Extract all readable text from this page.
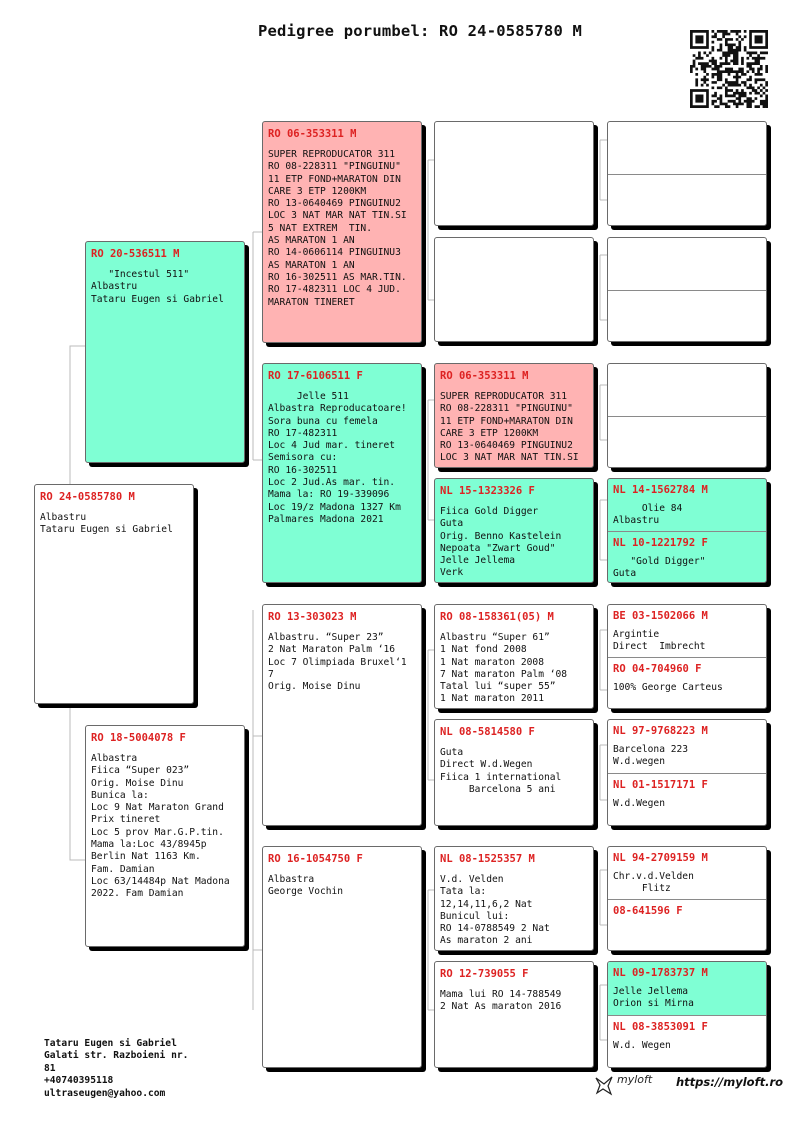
Pedigree porumbel: RO 24-0585780 M
RO 24-0585780 M
Albastru
Tataru Eugen si Gabriel
RO 20-536511 M
"Incestul 511"
Albastru
Tataru Eugen si Gabriel
RO 18-5004078 F
Albastra
Fiica “Super 023”
Orig. Moise Dinu
Bunica la:
Loc 9 Nat Maraton Grand
Prix tineret
Loc 5 prov Mar.G.P.tin.
Mama la:Loc 43/8945p
Berlin Nat 1163 Km.
Fam. Damian
Loc 63/14484p Nat Madona
2022. Fam Damian
RO 06-353311 M
SUPER REPRODUCATOR 311
RO 08-228311 "PINGUINU"
11 ETP FOND+MARATON DIN
CARE 3 ETP 1200KM
RO 13-0640469 PINGUINU2
LOC 3 NAT MAR NAT TIN.SI
5 NAT EXTREM  TIN.
AS MARATON 1 AN
RO 14-0606114 PINGUINU3
AS MARATON 1 AN
RO 16-302511 AS MAR.TIN.
RO 17-482311 LOC 4 JUD.
MARATON TINERET
RO 17-6106511 F
Jelle 511
Albastra Reproducatoare!
Sora buna cu femela
RO 17-482311
Loc 4 Jud mar. tineret
Semisora cu:
RO 16-302511
Loc 2 Jud.As mar. tin.
Mama la: RO 19-339096
Loc 19/z Madona 1327 Km
Palmares Madona 2021
RO 13-303023 M
Albastru. “Super 23”
2 Nat Maraton Palm ‘16
Loc 7 Olimpiada Bruxel‘1
7
Orig. Moise Dinu
RO 16-1054750 F
Albastra
George Vochin
RO 06-353311 M
SUPER REPRODUCATOR 311
RO 08-228311 "PINGUINU"
11 ETP FOND+MARATON DIN
CARE 3 ETP 1200KM
RO 13-0640469 PINGUINU2
LOC 3 NAT MAR NAT TIN.SI
NL 15-1323326 F
Fiica Gold Digger
Guta
Orig. Benno Kastelein
Nepoata "Zwart Goud"
Jelle Jellema
Verk
RO 08-158361(05) M
Albastru “Super 61”
1 Nat fond 2008
1 Nat maraton 2008
7 Nat maraton Palm ‘08
Tatal lui “super 55”
1 Nat maraton 2011
NL 08-5814580 F
Guta
Direct W.d.Wegen
Fiica 1 international
Barcelona 5 ani
NL 08-1525357 M
V.d. Velden
Tata la:
12,14,11,6,2 Nat
Bunicul lui:
RO 14-0788549 2 Nat
As maraton 2 ani
RO 12-739055 F
Mama lui RO 14-788549
2 Nat As maraton 2016
NL 14-1562784 M
Olie 84
Albastru
NL 10-1221792 F
"Gold Digger"
Guta
BE 03-1502066 M
Argintie
Direct  Imbrecht
RO 04-704960 F
100% George Carteus
NL 97-9768223 M
Barcelona 223
W.d.wegen
NL 01-1517171 F
W.d.Wegen
NL 94-2709159 M
Chr.v.d.Velden
Flitz
08-641596 F
NL 09-1783737 M
Jelle Jellema
Orion si Mirna
NL 08-3853091 F
W.d. Wegen
Tataru Eugen si Gabriel
Galati str. Razboieni nr.
81
+40740395118
ultraseugen@yahoo.com
myloft https://myloft.ro
